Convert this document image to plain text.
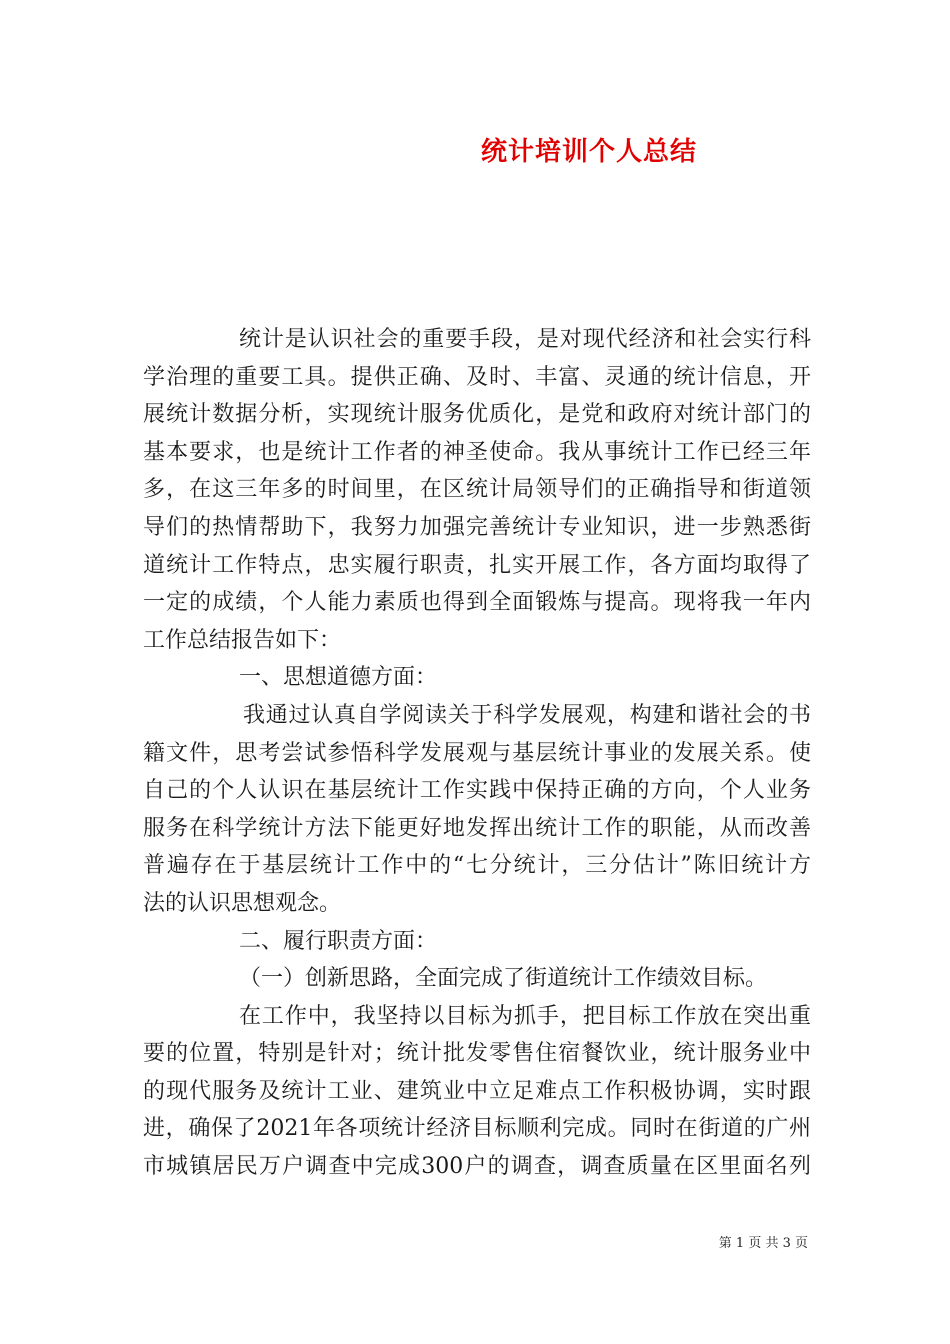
统计培训个人总结
统计是认识社会的重要手段，是对现代经济和社会实行科
学治理的重要工具。提供正确、及时、丰富、灵通的统计信息，开
展统计数据分析，实现统计服务优质化，是党和政府对统计部门的
基本要求，也是统计工作者的神圣使命。我从事统计工作已经三年
多，在这三年多的时间里，在区统计局领导们的正确指导和街道领
导们的热情帮助下，我努力加强完善统计专业知识，进一步熟悉街
道统计工作特点，忠实履行职责，扎实开展工作，各方面均取得了
一定的成绩，个人能力素质也得到全面锻炼与提高。现将我一年内
工作总结报告如下：
一、思想道德方面：
我通过认真自学阅读关于科学发展观，构建和谐社会的书
籍文件，思考尝试参悟科学发展观与基层统计事业的发展关系。使
自己的个人认识在基层统计工作实践中保持正确的方向，个人业务
服务在科学统计方法下能更好地发挥出统计工作的职能，从而改善
普遍存在于基层统计工作中的“七分统计，三分估计”陈旧统计方
法的认识思想观念。
二、履行职责方面：
（一）创新思路，全面完成了街道统计工作绩效目标。
在工作中，我坚持以目标为抓手，把目标工作放在突出重
要的位置，特别是针对；统计批发零售住宿餐饮业，统计服务业中
的现代服务及统计工业、建筑业中立足难点工作积极协调，实时跟
进，确保了2021年各项统计经济目标顺利完成。同时在街道的广州
市城镇居民万户调查中完成300户的调查，调查质量在区里面名列
第 1 页 共 3 页
